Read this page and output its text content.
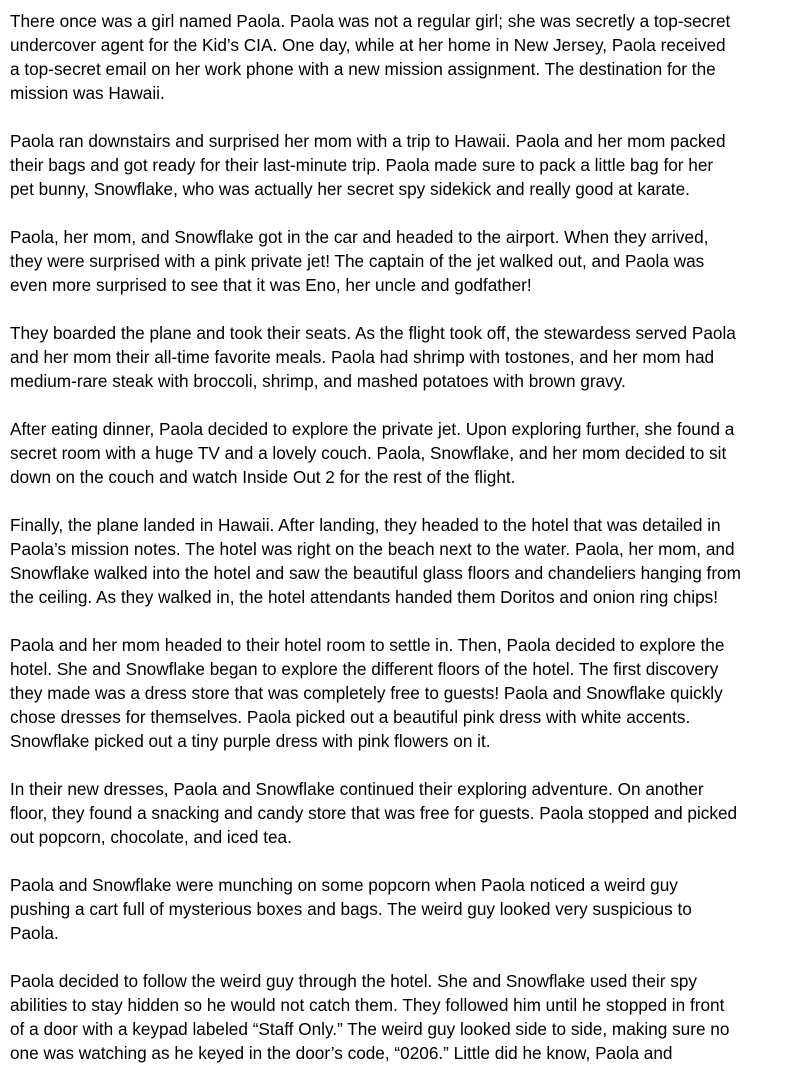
There once was a girl named Paola. Paola was not a regular girl; she was secretly a top-secret
undercover agent for the Kid’s CIA. One day, while at her home in New Jersey, Paola received
a top-secret email on her work phone with a new mission assignment. The destination for the
mission was Hawaii.

Paola ran downstairs and surprised her mom with a trip to Hawaii. Paola and her mom packed
their bags and got ready for their last-minute trip. Paola made sure to pack a little bag for her
pet bunny, Snowflake, who was actually her secret spy sidekick and really good at karate.

Paola, her mom, and Snowflake got in the car and headed to the airport. When they arrived,
they were surprised with a pink private jet! The captain of the jet walked out, and Paola was
even more surprised to see that it was Eno, her uncle and godfather!

They boarded the plane and took their seats. As the flight took off, the stewardess served Paola
and her mom their all-time favorite meals. Paola had shrimp with tostones, and her mom had
medium-rare steak with broccoli, shrimp, and mashed potatoes with brown gravy.

After eating dinner, Paola decided to explore the private jet. Upon exploring further, she found a
secret room with a huge TV and a lovely couch. Paola, Snowflake, and her mom decided to sit
down on the couch and watch Inside Out 2 for the rest of the flight.

Finally, the plane landed in Hawaii. After landing, they headed to the hotel that was detailed in
Paola’s mission notes. The hotel was right on the beach next to the water. Paola, her mom, and
Snowflake walked into the hotel and saw the beautiful glass floors and chandeliers hanging from
the ceiling. As they walked in, the hotel attendants handed them Doritos and onion ring chips!

Paola and her mom headed to their hotel room to settle in. Then, Paola decided to explore the
hotel. She and Snowflake began to explore the different floors of the hotel. The first discovery
they made was a dress store that was completely free to guests! Paola and Snowflake quickly
chose dresses for themselves. Paola picked out a beautiful pink dress with white accents.
Snowflake picked out a tiny purple dress with pink flowers on it.

In their new dresses, Paola and Snowflake continued their exploring adventure. On another
floor, they found a snacking and candy store that was free for guests. Paola stopped and picked
out popcorn, chocolate, and iced tea.

Paola and Snowflake were munching on some popcorn when Paola noticed a weird guy
pushing a cart full of mysterious boxes and bags. The weird guy looked very suspicious to
Paola.

Paola decided to follow the weird guy through the hotel. She and Snowflake used their spy
abilities to stay hidden so he would not catch them. They followed him until he stopped in front
of a door with a keypad labeled “Staff Only.” The weird guy looked side to side, making sure no
one was watching as he keyed in the door’s code, “0206.” Little did he know, Paola and
